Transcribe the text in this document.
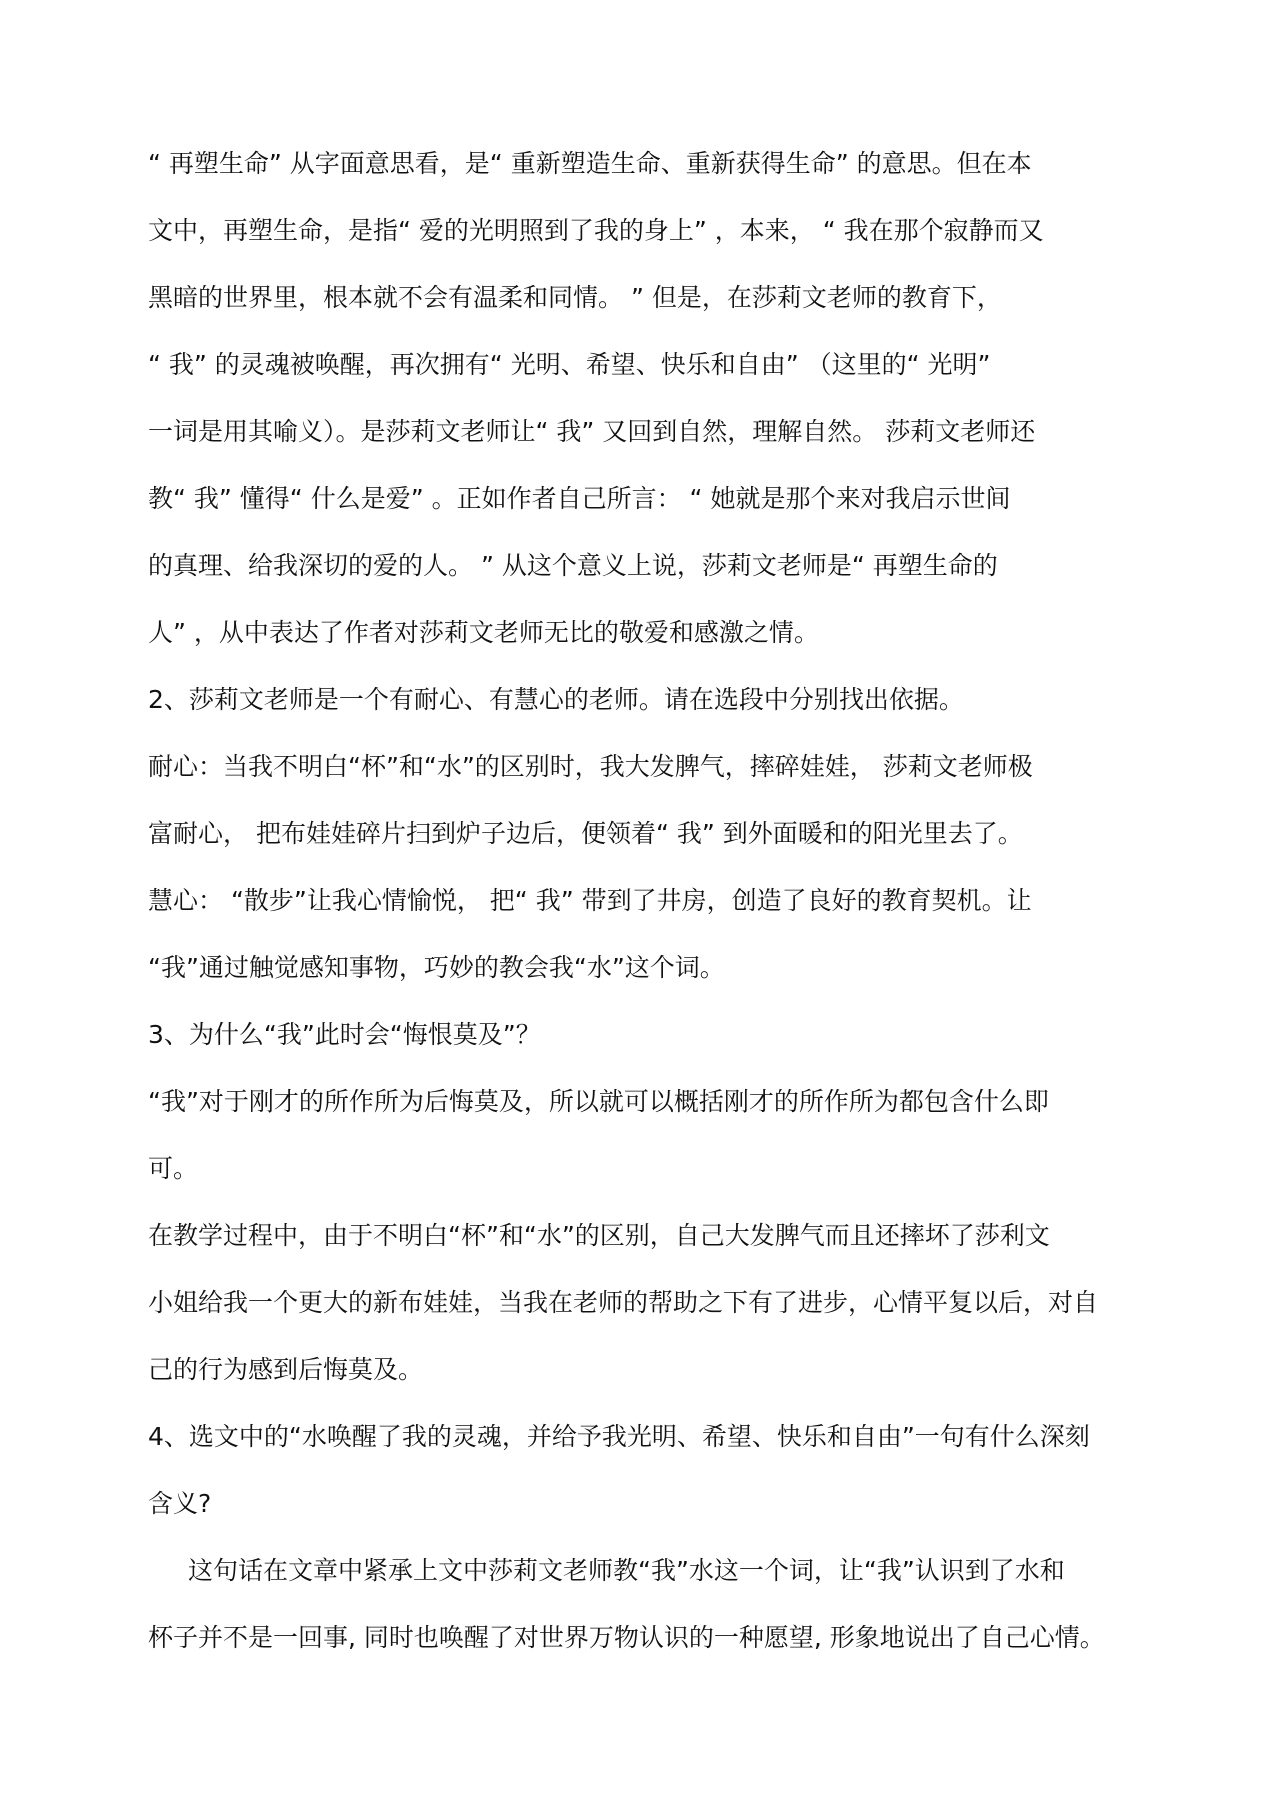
“ 再塑生命” 从字面意思看，是“ 重新塑造生命、重新获得生命” 的意思。但在本
文中，再塑生命，是指“ 爱的光明照到了我的身上” ，本来， “ 我在那个寂静而又
黑暗的世界里，根本就不会有温柔和同情。 ” 但是，在莎莉文老师的教育下，
“ 我” 的灵魂被唤醒，再次拥有“ 光明、希望、快乐和自由” （这里的“ 光明”
一词是用其喻义）。是莎莉文老师让“ 我” 又回到自然，理解自然。 莎莉文老师还
教“ 我” 懂得“ 什么是爱” 。正如作者自己所言： “ 她就是那个来对我启示世间
的真理、给我深切的爱的人。 ” 从这个意义上说，莎莉文老师是“ 再塑生命的
人” ，从中表达了作者对莎莉文老师无比的敬爱和感激之情。
2、莎莉文老师是一个有耐心、有慧心的老师。请在选段中分别找出依据。
耐心：当我不明白“杯”和“水”的区别时，我大发脾气，摔碎娃娃， 莎莉文老师极
富耐心， 把布娃娃碎片扫到炉子边后，便领着“ 我” 到外面暖和的阳光里去了。
慧心： “散步”让我心情愉悦， 把“ 我” 带到了井房，创造了良好的教育契机。让
“我”通过触觉感知事物，巧妙的教会我“水”这个词。
3、为什么“我”此时会“悔恨莫及”？
“我”对于刚才的所作所为后悔莫及，所以就可以概括刚才的所作所为都包含什么即
可。
在教学过程中，由于不明白“杯”和“水”的区别，自己大发脾气而且还摔坏了莎利文
小姐给我一个更大的新布娃娃，当我在老师的帮助之下有了进步，心情平复以后，对自
己的行为感到后悔莫及。
4、选文中的“水唤醒了我的灵魂，并给予我光明、希望、快乐和自由”一句有什么深刻
含义?
这句话在文章中紧承上文中莎莉文老师教“我”水这一个词，让“我”认识到了水和
杯子并不是一回事, 同时也唤醒了对世界万物认识的一种愿望, 形象地说出了自己心情。
